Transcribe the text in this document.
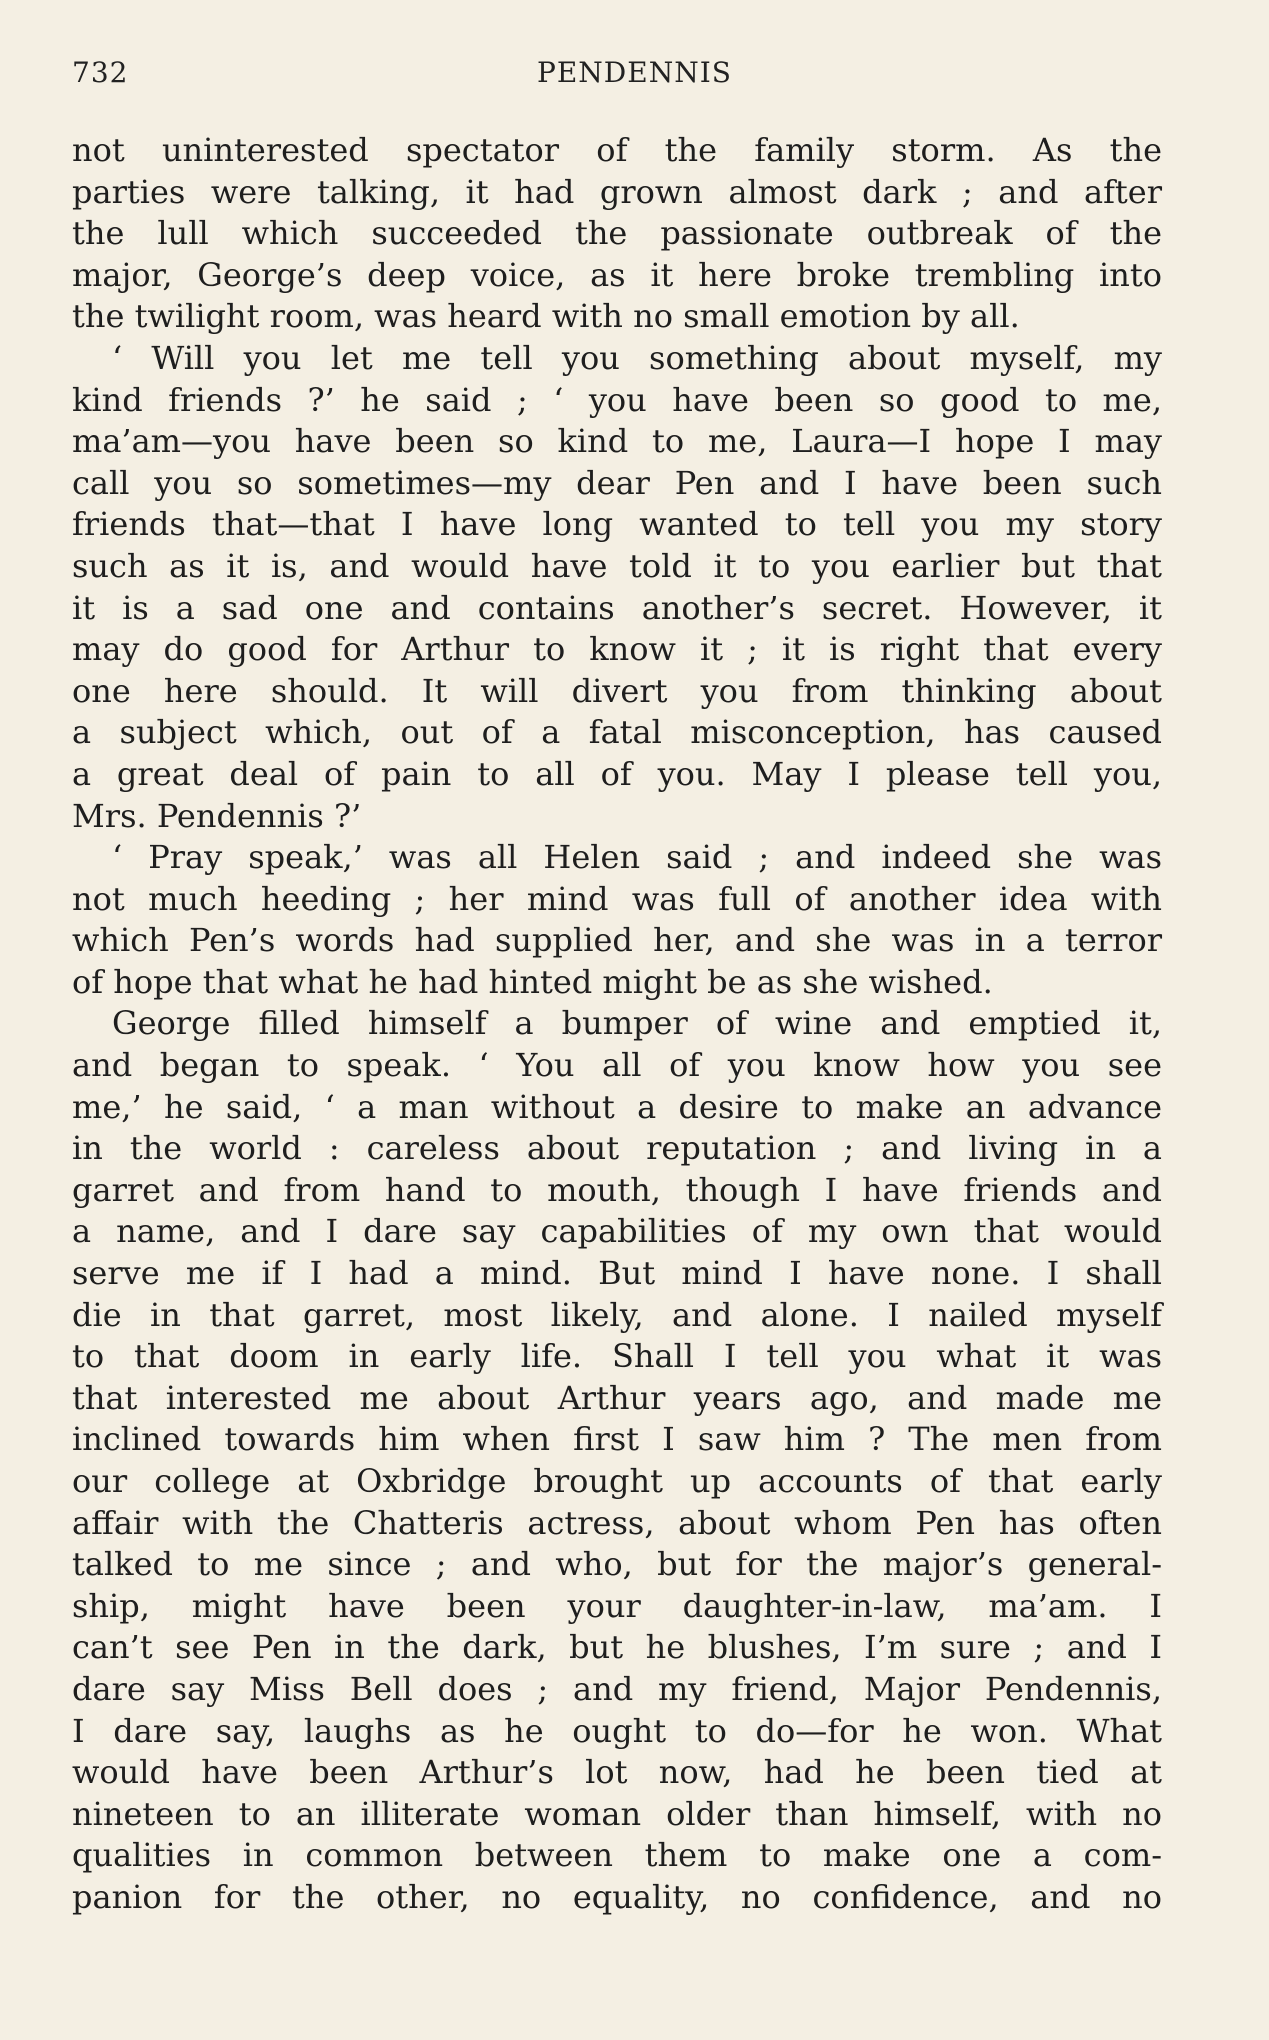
732	PENDENNIS
not uninterested spectator of the family storm. As the
parties were talking, it had grown almost dark ; and after
the lull which succeeded the passionate outbreak of the
major, George’s deep voice, as it here broke trembling into
the twilight room, was heard with no small emotion by all.
‘ Will you let me tell you something about myself, my
kind friends ?’ he said ; ‘ you have been so good to me,
ma’am—you have been so kind to me, Laura—I hope I may
call you so sometimes—my dear Pen and I have been such
friends that—that I have long wanted to tell you my story
such as it is, and would have told it to you earlier but that
it is a sad one and contains another’s secret. However, it
may do good for Arthur to know it ; it is right that every
one here should. It will divert you from thinking about
a subject which, out of a fatal misconception, has caused
a great deal of pain to all of you. May I please tell you,
Mrs. Pendennis ?’
‘ Pray speak,’ was all Helen said ; and indeed she was
not much heeding ; her mind was full of another idea with
which Pen’s words had supplied her, and she was in a terror
of hope that what he had hinted might be as she wished.
George filled himself a bumper of wine and emptied it,
and began to speak. ‘ You all of you know how you see
me,’ he said, ‘ a man without a desire to make an advance
in the world : careless about reputation ; and living in a
garret and from hand to mouth, though I have friends and
a name, and I dare say capabilities of my own that would
serve me if I had a mind. But mind I have none. I shall
die in that garret, most likely, and alone. I nailed myself
to that doom in early life. Shall I tell you what it was
that interested me about Arthur years ago, and made me
inclined towards him when first I saw him ? The men from
our college at Oxbridge brought up accounts of that early
affair with the Chatteris actress, about whom Pen has often
talked to me since ; and who, but for the major’s general-
ship, might have been your daughter-in-law, ma’am. I
can’t see Pen in the dark, but he blushes, I’m sure ; and I
dare say Miss Bell does ; and my friend, Major Pendennis,
I dare say, laughs as he ought to do—for he won. What
would have been Arthur’s lot now, had he been tied at
nineteen to an illiterate woman older than himself, with no
qualities in common between them to make one a com-
panion for the other, no equality, no confidence, and no
